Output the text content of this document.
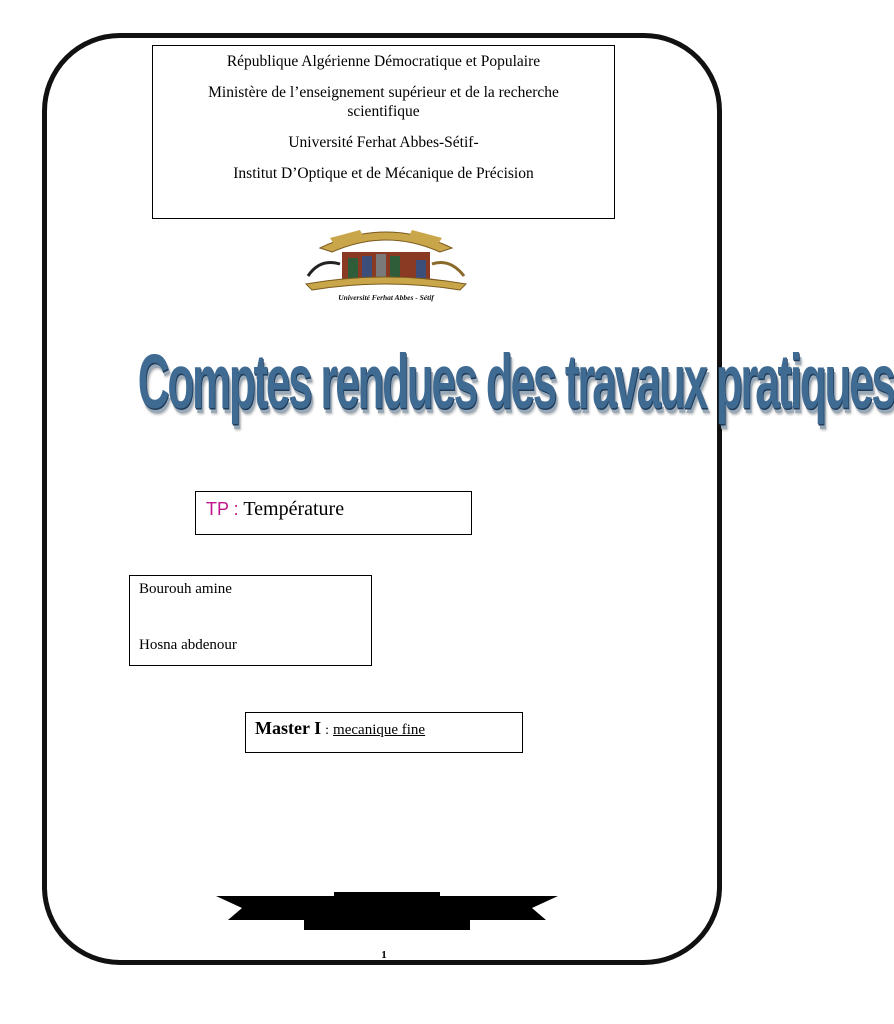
République Algérienne Démocratique et Populaire

Ministère de l’enseignement supérieur et de la recherche scientifique

Université Ferhat Abbes-Sétif-

Institut D’Optique et de Mécanique de Précision

Université Ferhat Abbes - Sétif
Comptes rendues des travaux pratiques
TP : Température

Bourouh amine

Hosna abdenour

Master I : mecanique fine
1
